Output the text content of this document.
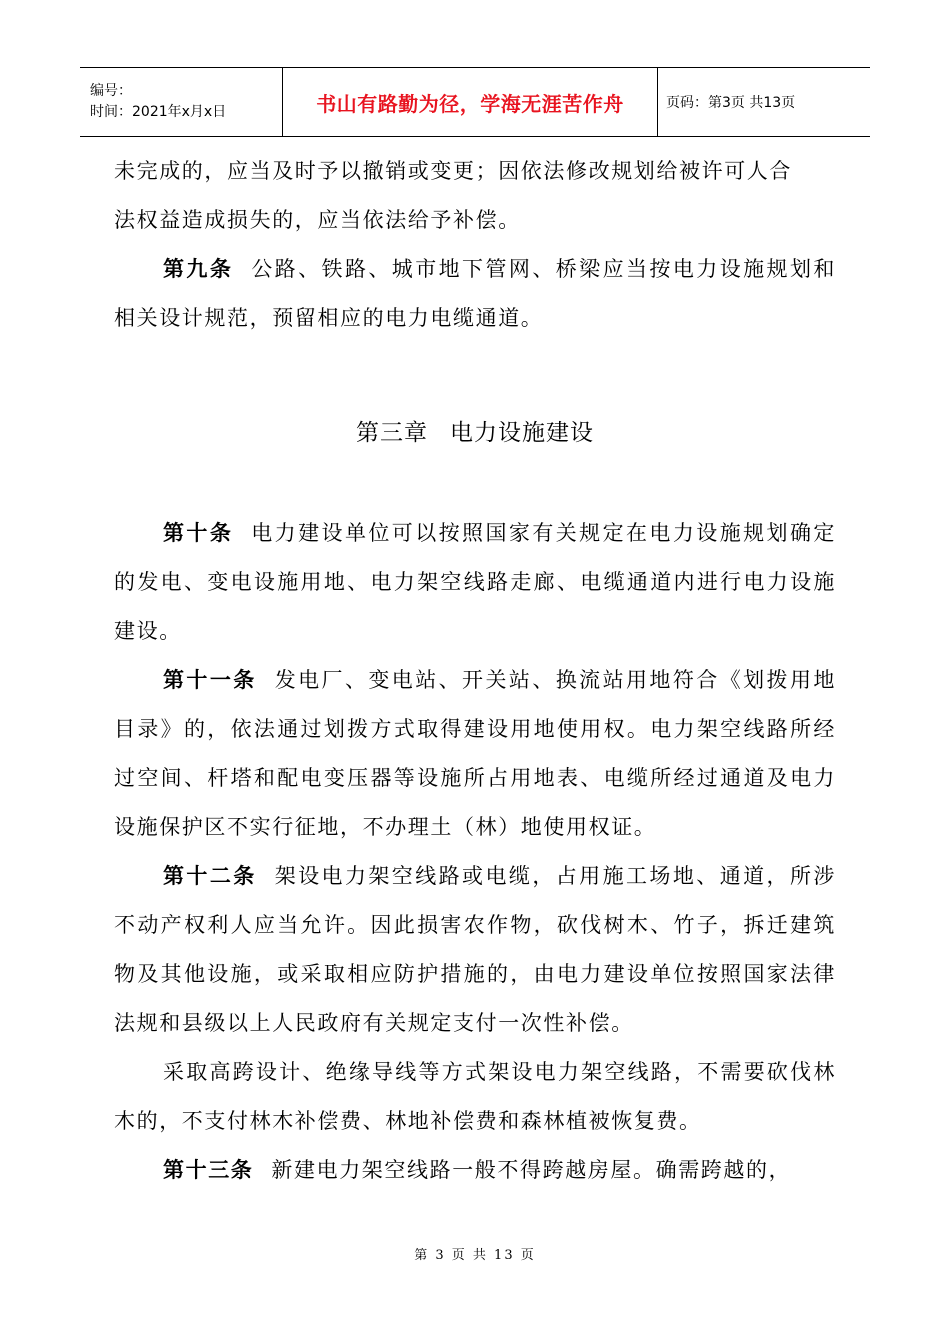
编号：
时间：2021年x月x日	书山有路勤为径，学海无涯苦作舟	页码：第3页 共13页

未完成的，应当及时予以撤销或变更；因依法修改规划给被许可人合

法权益造成损失的，应当依法给予补偿。

第九条 公路、铁路、城市地下管网、桥梁应当按电力设施规划和相关设计规范，预留相应的电力电缆通道。

第三章 电力设施建设

第十条 电力建设单位可以按照国家有关规定在电力设施规划确定的发电、变电设施用地、电力架空线路走廊、电缆通道内进行电力设施建设。

第十一条 发电厂、变电站、开关站、换流站用地符合《划拨用地目录》的，依法通过划拨方式取得建设用地使用权。电力架空线路所经过空间、杆塔和配电变压器等设施所占用地表、电缆所经过通道及电力设施保护区不实行征地，不办理土（林）地使用权证。

第十二条 架设电力架空线路或电缆，占用施工场地、通道，所涉不动产权利人应当允许。因此损害农作物，砍伐树木、竹子，拆迁建筑物及其他设施，或采取相应防护措施的，由电力建设单位按照国家法律法规和县级以上人民政府有关规定支付一次性补偿。

采取高跨设计、绝缘导线等方式架设电力架空线路，不需要砍伐林木的，不支付林木补偿费、林地补偿费和森林植被恢复费。

第十三条 新建电力架空线路一般不得跨越房屋。确需跨越的，

第 3 页 共 13 页
